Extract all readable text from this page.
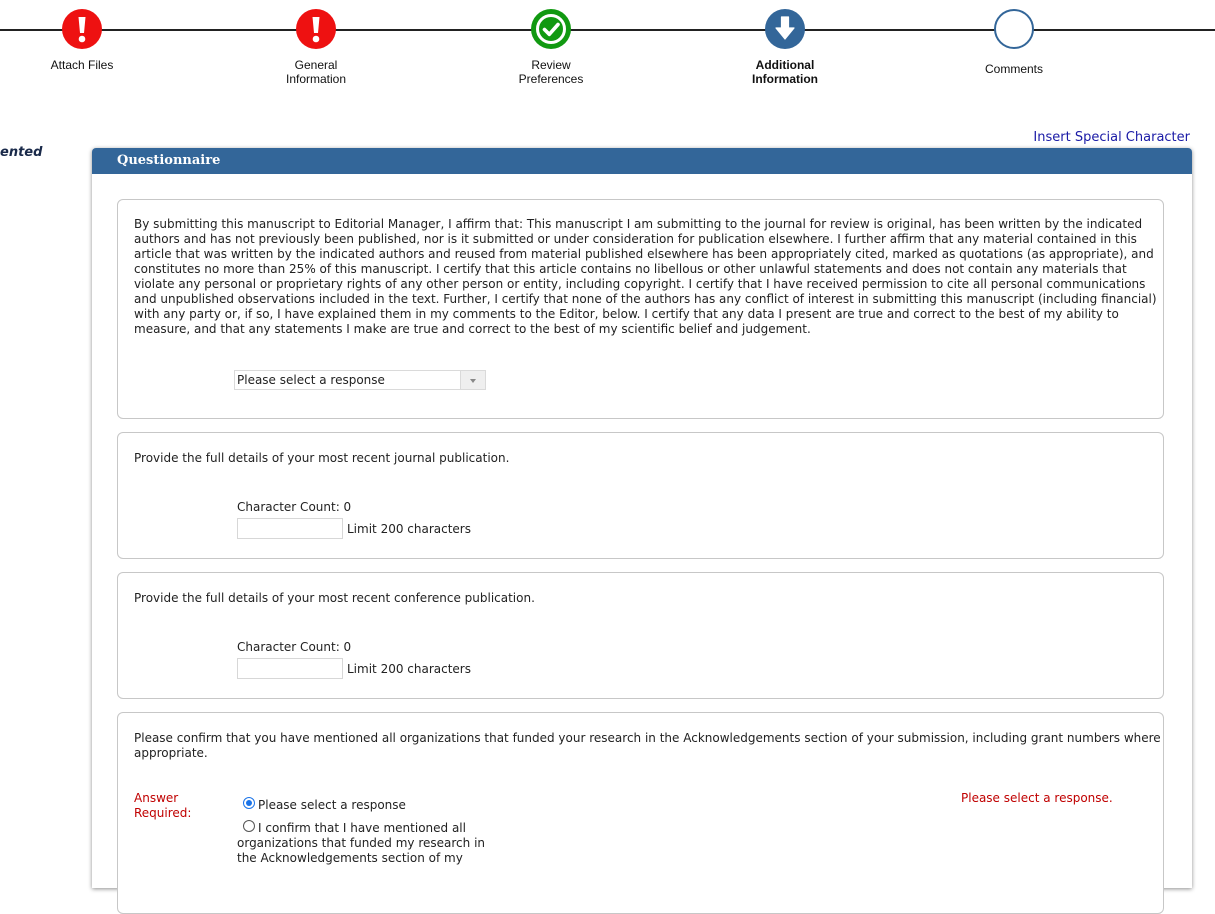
Attach Files	General
Information
Review
Preferences
Additional
Information
Comments
ented
Insert Special Character
Questionnaire
By submitting this manuscript to Editorial Manager, I affirm that: This manuscript I am submitting to the journal for review is original, has been written by the indicated authors and has not previously been published, nor is it submitted or under consideration for publication elsewhere. I further affirm that any material contained in this article that was written by the indicated authors and reused from material published elsewhere has been appropriately cited, marked as quotations (as appropriate), and constitutes no more than 25% of this manuscript. I certify that this article contains no libellous or other unlawful statements and does not contain any materials that violate any personal or proprietary rights of any other person or entity, including copyright. I certify that I have received permission to cite all personal communications and unpublished observations included in the text. Further, I certify that none of the authors has any conflict of interest in submitting this manuscript (including financial) with any party or, if so, I have explained them in my comments to the Editor, below. I certify that any data I present are true and correct to the best of my ability to measure, and that any statements I make are true and correct to the best of my scientific belief and judgement.
Please select a response
Provide the full details of your most recent journal publication.
Character Count: 0
Limit 200 characters
Provide the full details of your most recent conference publication.
Character Count: 0
Limit 200 characters
Please confirm that you have mentioned all organizations that funded your research in the Acknowledgements section of your submission, including grant numbers where appropriate.
Answer
Required:
Please select a response
I confirm that I have mentioned all organizations that funded my research in the Acknowledgements section of my
Please select a response.
